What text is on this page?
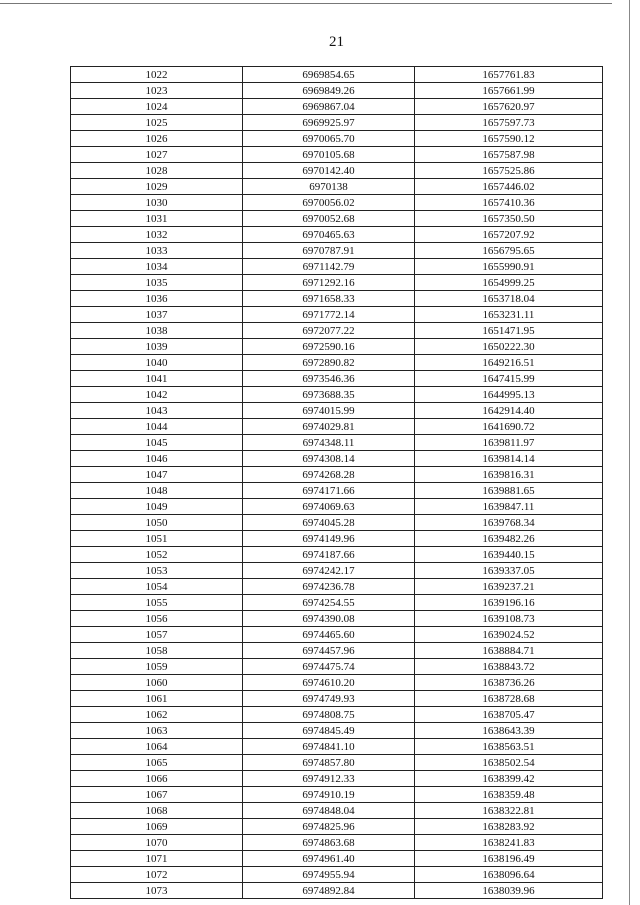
21
1022	6969854.65	1657761.83
1023	6969849.26	1657661.99
1024	6969867.04	1657620.97
1025	6969925.97	1657597.73
1026	6970065.70	1657590.12
1027	6970105.68	1657587.98
1028	6970142.40	1657525.86
1029	6970138	1657446.02
1030	6970056.02	1657410.36
1031	6970052.68	1657350.50
1032	6970465.63	1657207.92
1033	6970787.91	1656795.65
1034	6971142.79	1655990.91
1035	6971292.16	1654999.25
1036	6971658.33	1653718.04
1037	6971772.14	1653231.11
1038	6972077.22	1651471.95
1039	6972590.16	1650222.30
1040	6972890.82	1649216.51
1041	6973546.36	1647415.99
1042	6973688.35	1644995.13
1043	6974015.99	1642914.40
1044	6974029.81	1641690.72
1045	6974348.11	1639811.97
1046	6974308.14	1639814.14
1047	6974268.28	1639816.31
1048	6974171.66	1639881.65
1049	6974069.63	1639847.11
1050	6974045.28	1639768.34
1051	6974149.96	1639482.26
1052	6974187.66	1639440.15
1053	6974242.17	1639337.05
1054	6974236.78	1639237.21
1055	6974254.55	1639196.16
1056	6974390.08	1639108.73
1057	6974465.60	1639024.52
1058	6974457.96	1638884.71
1059	6974475.74	1638843.72
1060	6974610.20	1638736.26
1061	6974749.93	1638728.68
1062	6974808.75	1638705.47
1063	6974845.49	1638643.39
1064	6974841.10	1638563.51
1065	6974857.80	1638502.54
1066	6974912.33	1638399.42
1067	6974910.19	1638359.48
1068	6974848.04	1638322.81
1069	6974825.96	1638283.92
1070	6974863.68	1638241.83
1071	6974961.40	1638196.49
1072	6974955.94	1638096.64
1073	6974892.84	1638039.96
